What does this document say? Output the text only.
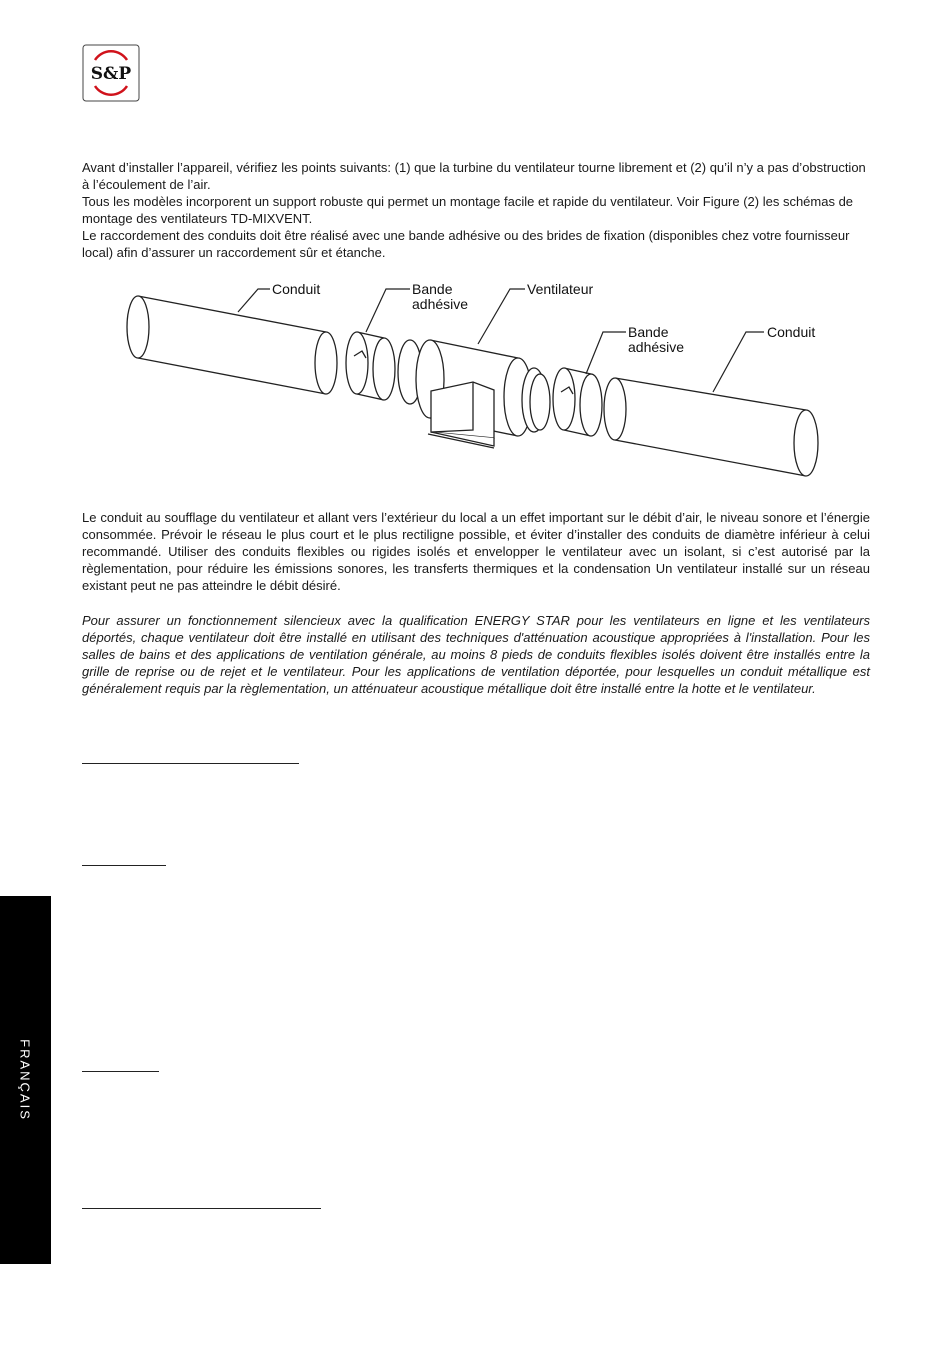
S&P
Avant d’installer l’appareil, vérifiez les points suivants: (1) que la turbine du ventilateur tourne librement et (2) qu’il n’y a pas d’obstruction à l’écoulement de l’air.
Tous les modèles incorporent un support robuste qui permet un montage facile et rapide du ventilateur. Voir Figure (2) les schémas de montage des ventilateurs TD-MIXVENT.
Le raccordement des conduits doit être réalisé avec une bande adhésive ou des brides de fixation (disponibles chez votre fournisseur local) afin d’assurer un raccordement sûr et étanche.
Conduit	Bande
adhésive
Ventilateur
Bande
adhésive
Conduit

Le conduit au soufflage du ventilateur et allant vers l’extérieur du local a un effet important sur le débit d’air, le niveau sonore et l’énergie consommée. Prévoir le réseau le plus court et le plus rectiligne possible, et éviter d’installer des conduits de diamètre inférieur à celui recommandé. Utiliser des conduits flexibles ou rigides isolés et envelopper le ventilateur avec un isolant, si c’est autorisé par la règlementation, pour réduire les émissions sonores, les transferts thermiques et la condensation Un ventilateur installé sur un réseau existant peut ne pas atteindre le débit désiré.

Pour assurer un fonctionnement silencieux avec la qualification ENERGY STAR pour les ventilateurs en ligne et les ventilateurs déportés, chaque ventilateur doit être installé en utilisant des techniques d'atténuation acoustique appropriées à l'installation. Pour les salles de bains et des applications de ventilation générale, au moins 8 pieds de conduits flexibles isolés doivent être installés entre la grille de reprise ou de rejet et le ventilateur. Pour les applications de ventilation déportée, pour lesquelles un conduit métallique est généralement requis par la règlementation, un atténuateur acoustique métallique doit être installé entre la hotte et le ventilateur.

FRANÇAIS
